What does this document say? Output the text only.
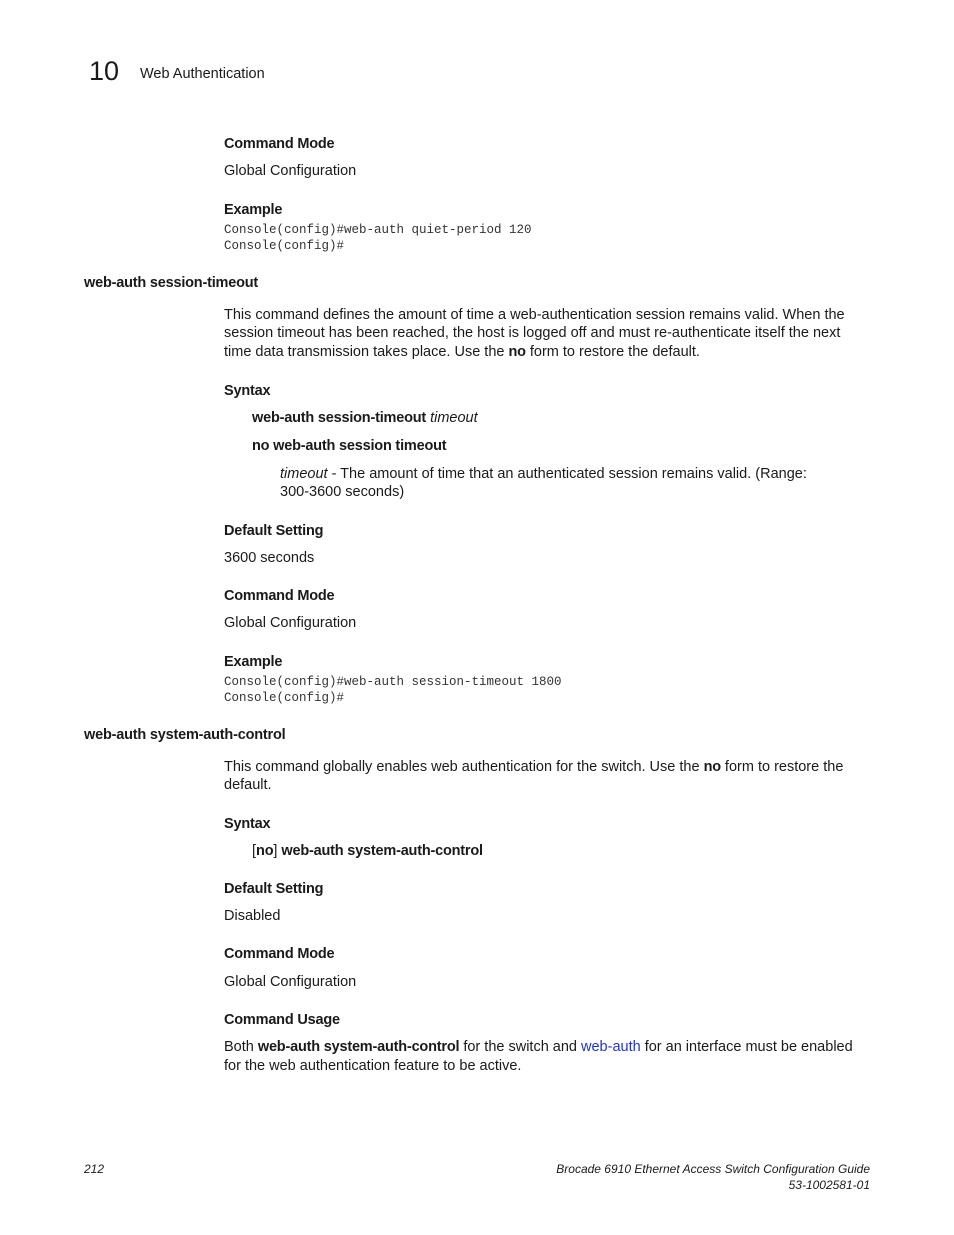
10 Web Authentication
Command Mode
Global Configuration
Example
Console(config)#web-auth quiet-period 120
Console(config)#
web-auth session-timeout
This command defines the amount of time a web-authentication session remains valid. When the
session timeout has been reached, the host is logged off and must re-authenticate itself the next
time data transmission takes place. Use the no form to restore the default.
Syntax
web-auth session-timeout timeout
no web-auth session timeout
timeout - The amount of time that an authenticated session remains valid. (Range:
300-3600 seconds)
Default Setting
3600 seconds
Command Mode
Global Configuration
Example
Console(config)#web-auth session-timeout 1800
Console(config)#
web-auth system-auth-control
This command globally enables web authentication for the switch. Use the no form to restore the
default.
Syntax
[no] web-auth system-auth-control
Default Setting
Disabled
Command Mode
Global Configuration
Command Usage
Both web-auth system-auth-control for the switch and web-auth for an interface must be enabled
for the web authentication feature to be active.
212	Brocade 6910 Ethernet Access Switch Configuration Guide
53-1002581-01
